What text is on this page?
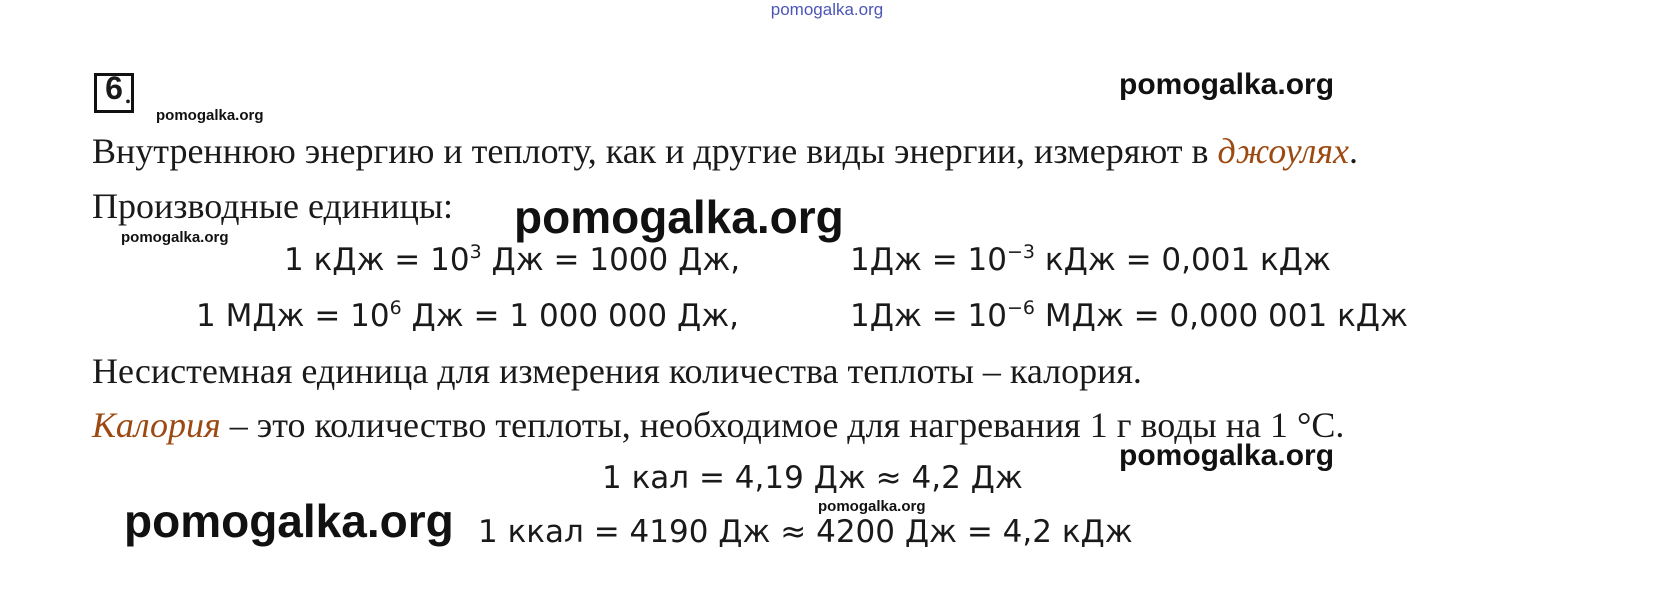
pomogalka.org
6 .
pomogalka.org
pomogalka.org
Внутреннюю энергию и теплоту, как и другие виды энергии, измеряют в джоулях.
Производные единицы:
pomogalka.org	pomogalka.org
1 кДж = $10^3$ Дж = 1000 Дж,	$1Дж = 10^{-3}$ кДж = 0,001 кДж
1 МДж = $10^6$ Дж = 1 000 000 Дж,	$1Дж = 10^{-6}$ МДж = 0,000 001 кДж
Несистемная единица для измерения количества теплоты – калория.
Калория – это количество теплоты, необходимое для нагревания 1 г воды на 1 °С.
pomogalka.org
1 кал = 4,19 Дж ≈ 4,2 Дж
pomogalka.org
pomogalka.org 1 ккал = 4190 Дж ≈ 4200 Дж = 4,2 кДж
